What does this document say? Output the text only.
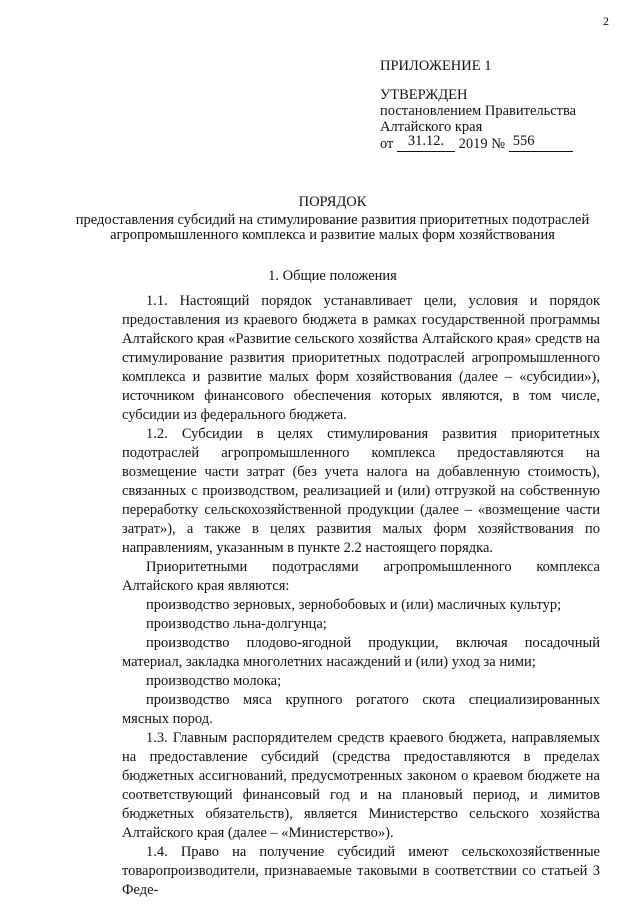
2

ПРИЛОЖЕНИЕ 1

УТВЕРЖДЕН

постановлением Правительства

Алтайского края

от 31.12. 2019 № 556

ПОРЯДОК

предоставления субсидий на стимулирование развития приоритетных подотраслей агропромышленного комплекса и развитие малых форм хозяйствования

1. Общие положения

1.1. Настоящий порядок устанавливает цели, условия и порядок предоставления из краевого бюджета в рамках государственной программы Алтайского края «Развитие сельского хозяйства Алтайского края» средств на стимулирование развития приоритетных подотраслей агропромышленного комплекса и развитие малых форм хозяйствования (далее – «субсидии»), источником финансового обеспечения которых являются, в том числе, субсидии из федерального бюджета.

1.2. Субсидии в целях стимулирования развития приоритетных подотраслей агропромышленного комплекса предоставляются на возмещение части затрат (без учета налога на добавленную стоимость), связанных с производством, реализацией и (или) отгрузкой на собственную переработку сельскохозяйственной продукции (далее – «возмещение части затрат»), а также в целях развития малых форм хозяйствования по направлениям, указанным в пункте 2.2 настоящего порядка.

Приоритетными подотраслями агропромышленного комплекса Алтайского края являются:

производство зерновых, зернобобовых и (или) масличных культур;

производство льна-долгунца;

производство плодово-ягодной продукции, включая посадочный материал, закладка многолетних насаждений и (или) уход за ними;

производство молока;

производство мяса крупного рогатого скота специализированных мясных пород.

1.3. Главным распорядителем средств краевого бюджета, направляемых на предоставление субсидий (средства предоставляются в пределах бюджетных ассигнований, предусмотренных законом о краевом бюджете на соответствующий финансовый год и на плановый период, и лимитов бюджетных обязательств), является Министерство сельского хозяйства Алтайского края (далее – «Министерство»).

1.4. Право на получение субсидий имеют сельскохозяйственные товаропроизводители, признаваемые таковыми в соответствии со статьей 3 Феде-
